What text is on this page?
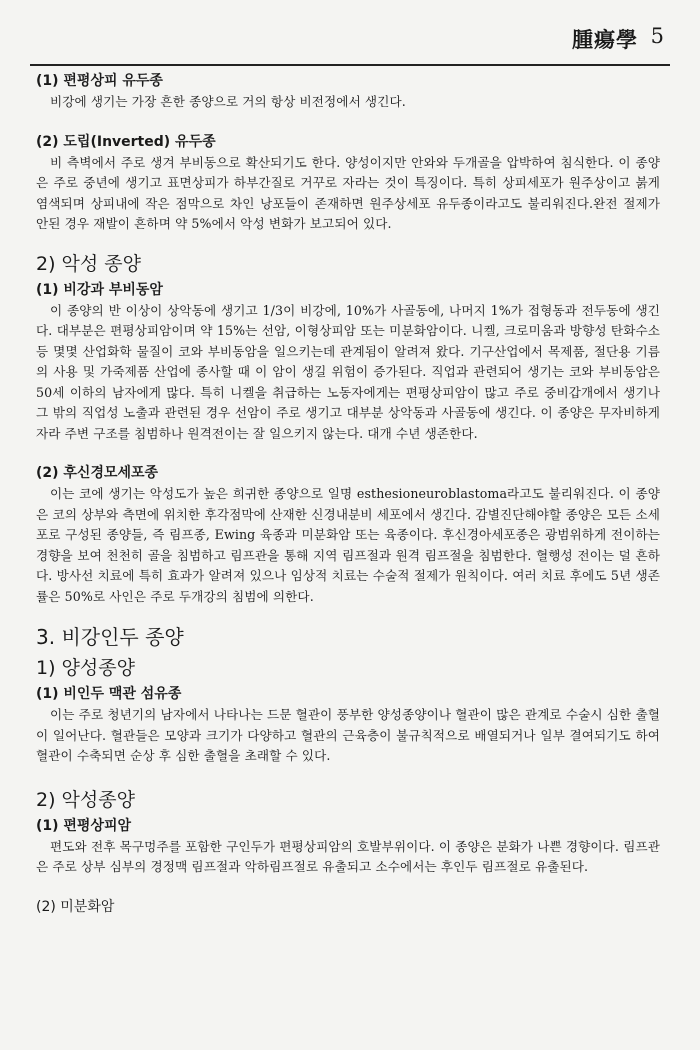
腫瘍學 5
(1) 편평상피 유두종

비강에 생기는 가장 흔한 종양으로 거의 항상 비전정에서 생긴다.

(2) 도립(Inverted) 유두종

비 측벽에서 주로 생겨 부비동으로 확산되기도 한다. 양성이지만 안와와 두개골을 압박하여 침식한다. 이 종양은 주로 중년에 생기고 표면상피가 하부간질로 거꾸로 자라는 것이 특징이다. 특히 상피세포가 원주상이고 붉게 염색되며 상피내에 작은 점막으로 차인 낭포들이 존재하면 원주상세포 유두종이라고도 불리워진다.완전 절제가 안된 경우 재발이 흔하며 약 5%에서 악성 변화가 보고되어 있다.

2) 악성 종양
(1) 비강과 부비동암

이 종양의 반 이상이 상악동에 생기고 1/3이 비강에, 10%가 사골동에, 나머지 1%가 접형동과 전두동에 생긴다. 대부분은 편평상피암이며 약 15%는 선암, 이형상피암 또는 미분화암이다. 니켈, 크로미움과 방향성 탄화수소 등 몇몇 산업화학 물질이 코와 부비동암을 일으키는데 관계됨이 알려져 왔다. 기구산업에서 목제품, 절단용 기름의 사용 및 가죽제품 산업에 종사할 때 이 암이 생길 위험이 증가된다. 직업과 관련되어 생기는 코와 부비동암은 50세 이하의 남자에게 많다. 특히 니켈을 취급하는 노동자에게는 편평상피암이 많고 주로 중비갑개에서 생기나 그 밖의 직업성 노출과 관련된 경우 선암이 주로 생기고 대부분 상악동과 사골동에 생긴다. 이 종양은 무자비하게 자라 주변 구조를 침범하나 원격전이는 잘 일으키지 않는다. 대개 수년 생존한다.

(2) 후신경모세포종

이는 코에 생기는 악성도가 높은 희귀한 종양으로 일명 esthesioneuroblastoma라고도 불리워진다. 이 종양은 코의 상부와 측면에 위치한 후각점막에 산재한 신경내분비 세포에서 생긴다. 감별진단해야할 종양은 모든 소세포로 구성된 종양들, 즉 림프종, Ewing 육종과 미분화암 또는 육종이다. 후신경아세포종은 광범위하게 전이하는 경향을 보여 천천히 골을 침범하고 림프관을 통해 지역 림프절과 원격 림프절을 침범한다. 혈행성 전이는 덜 흔하다. 방사선 치료에 특히 효과가 알려져 있으나 임상적 치료는 수술적 절제가 원칙이다. 여러 치료 후에도 5년 생존률은 50%로 사인은 주로 두개강의 침범에 의한다.

3. 비강인두 종양
1) 양성종양
(1) 비인두 맥관 섬유종

이는 주로 청년기의 남자에서 나타나는 드문 혈관이 풍부한 양성종양이나 혈관이 많은 관계로 수술시 심한 출혈이 일어난다. 혈관들은 모양과 크기가 다양하고 혈관의 근육층이 불규칙적으로 배열되거나 일부 결여되기도 하여 혈관이 수축되면 순상 후 심한 출혈을 초래할 수 있다.

2) 악성종양
(1) 편평상피암

편도와 전후 목구멍주를 포함한 구인두가 편평상피암의 호발부위이다. 이 종양은 분화가 나쁜 경향이다. 림프관은 주로 상부 심부의 경정맥 림프절과 악하림프절로 유출되고 소수에서는 후인두 림프절로 유출된다.

(2) 미분화암
